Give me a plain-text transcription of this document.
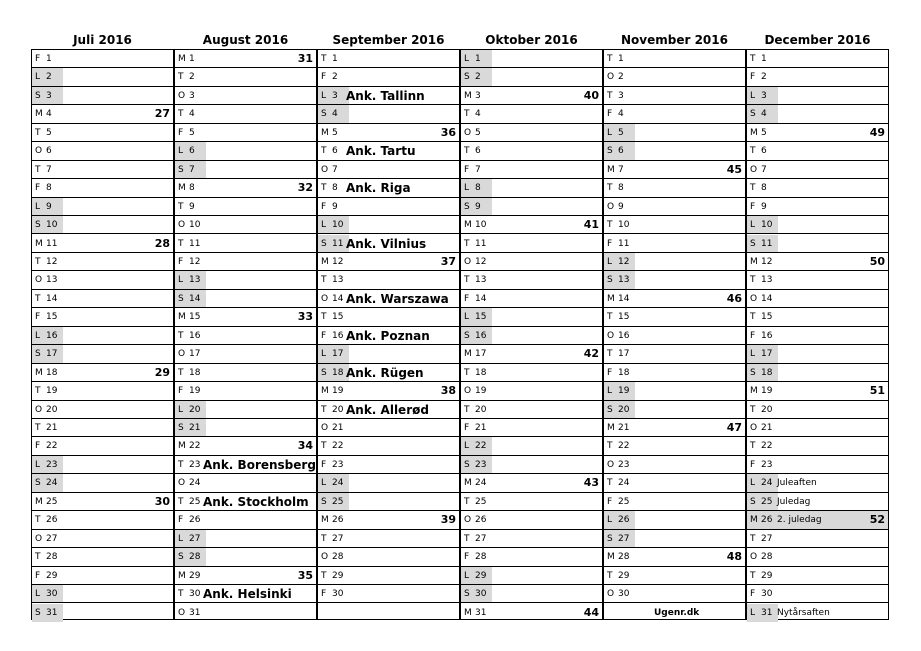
Juli 2016
F 1
L 2
S 3
M 4	27
T 5
O 6
T 7
F 8
L 9
S 10
M 11	28
T 12
O 13
T 14
F 15
L 16
S 17
M 18	29
T 19
O 20
T 21
F 22
L 23
S 24
M 25	30
T 26
O 27
T 28
F 29
L 30
S 31
August 2016
M 1	31
T 2
O 3
T 4
F 5
L 6
S 7
M 8	32
T 9
O 10
T 11
F 12
L 13
S 14
M 15	33
T 16
O 17
T 18
F 19
L 20
S 21
M 22	34
T 23 Ank. Borensberg
O 24
T 25 Ank. Stockholm
F 26
L 27
S 28
M 29	35
T 30 Ank. Helsinki
O 31
September 2016
T 1
F 2
L 3 Ank. Tallinn
S 4
M 5	36
T 6 Ank. Tartu
O 7
T 8 Ank. Riga
F 9
L 10
S 11 Ank. Vilnius
M 12	37
T 13
O 14 Ank. Warszawa
T 15
F 16 Ank. Poznan
L 17
S 18 Ank. Rügen
M 19	38
T 20 Ank. Allerød
O 21
T 22
F 23
L 24
S 25
M 26	39
T 27
O 28
T 29
F 30
Oktober 2016
L 1
S 2
M 3	40
T 4
O 5
T 6
F 7
L 8
S 9
M 10	41
T 11
O 12
T 13
F 14
L 15
S 16
M 17	42
T 18
O 19
T 20
F 21
L 22
S 23
M 24	43
T 25
O 26
T 27
F 28
L 29
S 30
M 31	44
November 2016
T 1
O 2
T 3
F 4
L 5
S 6
M 7	45
T 8
O 9
T 10
F 11
L 12
S 13
M 14	46
T 15
O 16
T 17
F 18
L 19
S 20
M 21	47
T 22
O 23
T 24
F 25
L 26
S 27
M 28	48
T 29
O 30
Ugenr.dk
December 2016
T 1
F 2
L 3
S 4
M 5	49
T 6
O 7
T 8
F 9
L 10
S 11
M 12	50
T 13
O 14
T 15
F 16
L 17
S 18
M 19	51
T 20
O 21
T 22
F 23
L 24 Juleaften
S 25 Juledag
M 26 2. juledag	52
T 27
O 28
T 29
F 30
L 31 Nytårsaften
